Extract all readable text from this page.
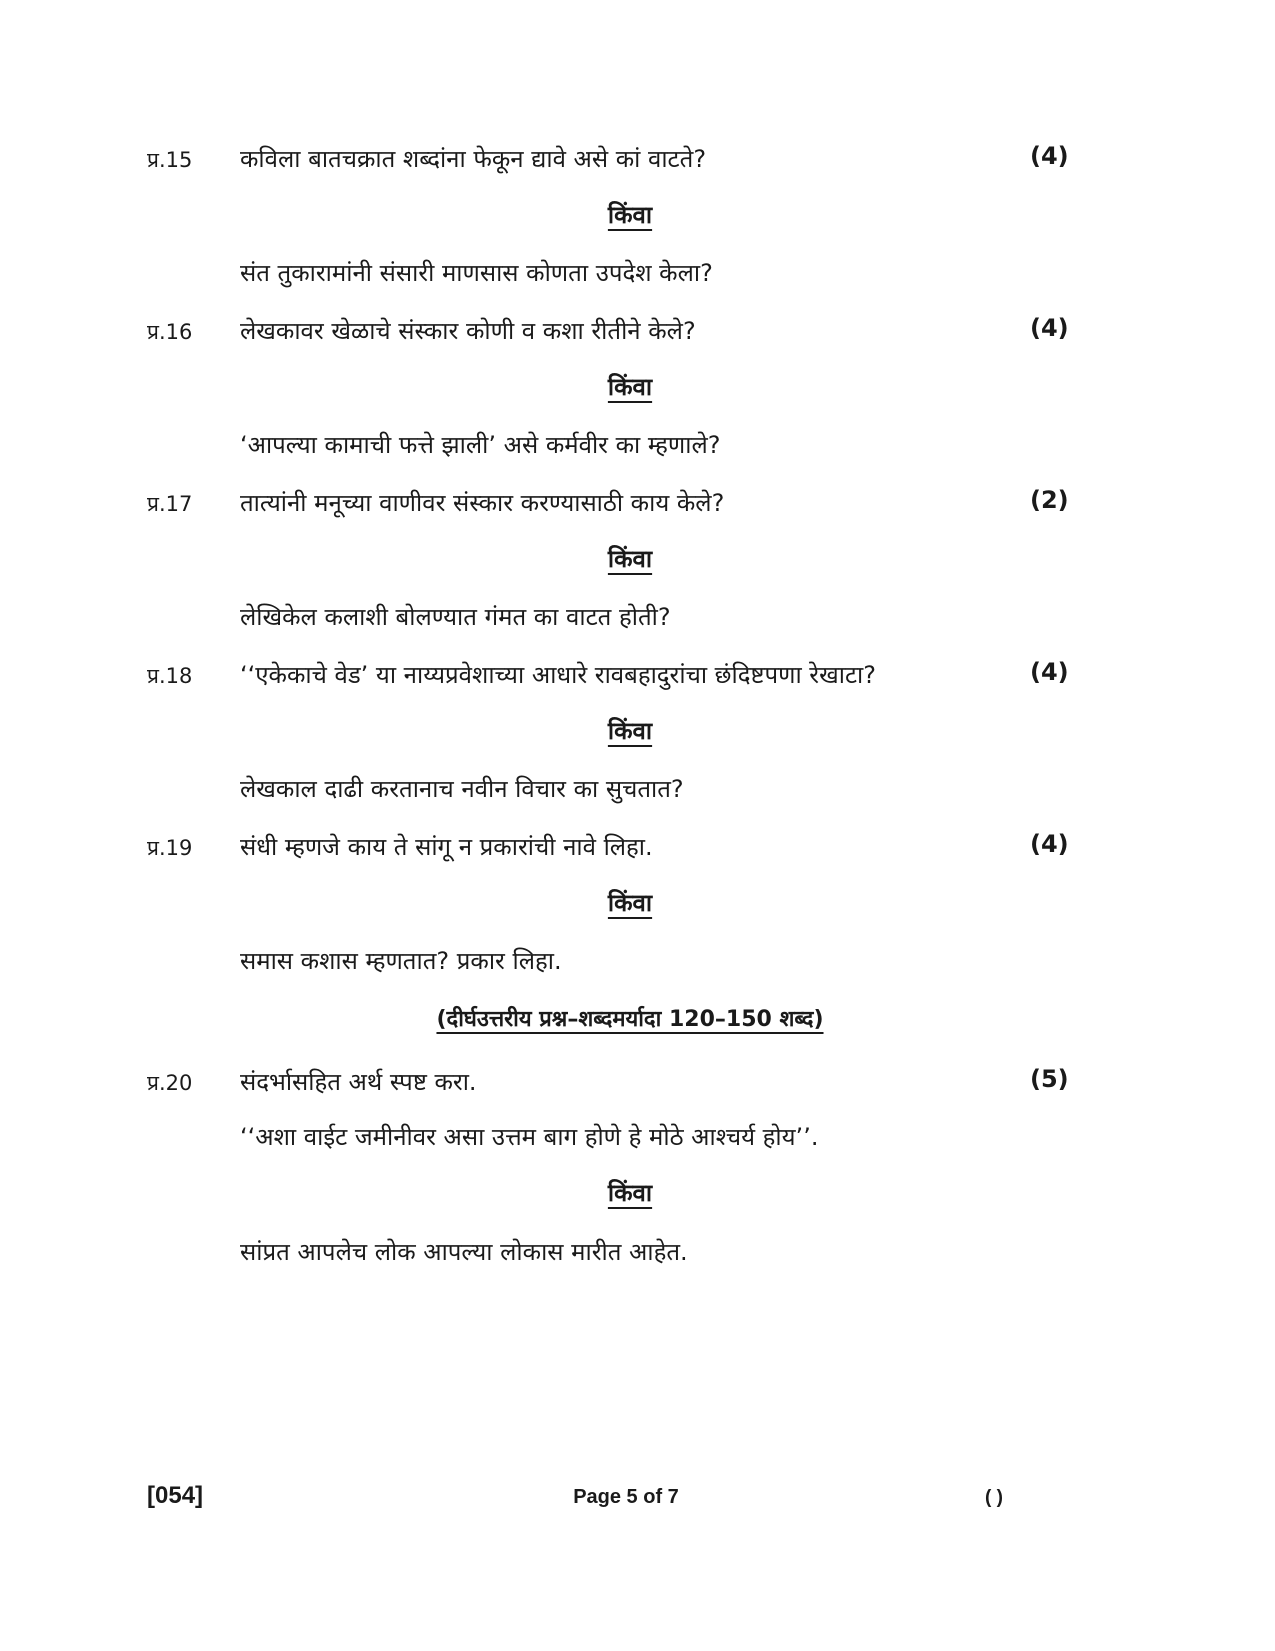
प्र.15 कविला बातचक्रात शब्दांना फेकून द्यावे असे कां वाटते?	(4)
किंवा
संत तुकारामांनी संसारी माणसास कोणता उपदेश केला?
प्र.16 लेखकावर खेळाचे संस्कार कोणी व कशा रीतीने केले?	(4)
किंवा
‘आपल्या कामाची फत्ते झाली’ असे कर्मवीर का म्हणाले?
प्र.17 तात्यांनी मनूच्या वाणीवर संस्कार करण्यासाठी काय केले?	(2)
किंवा
लेखिकेल कलाशी बोलण्यात गंमत का वाटत होती?
प्र.18 ‘‘एकेकाचे वेड’ या नाय्यप्रवेशाच्या आधारे रावबहादुरांचा छंदिष्टपणा रेखाटा?	(4)
किंवा
लेखकाल दाढी करतानाच नवीन विचार का सुचतात?
प्र.19 संधी म्हणजे काय ते सांगू न प्रकारांची नावे लिहा.	(4)
किंवा
समास कशास म्हणतात? प्रकार लिहा.
(दीर्घउत्तरीय प्रश्न–शब्दमर्यादा 120–150 शब्द)
प्र.20 संदर्भासहित अर्थ स्पष्ट करा.	(5)
‘‘अशा वाईट जमीनीवर असा उत्तम बाग होणे हे मोठे आश्चर्य होय’’.
किंवा
सांप्रत आपलेच लोक आपल्या लोकास मारीत आहेत.
[054]	Page 5 of 7	( )
